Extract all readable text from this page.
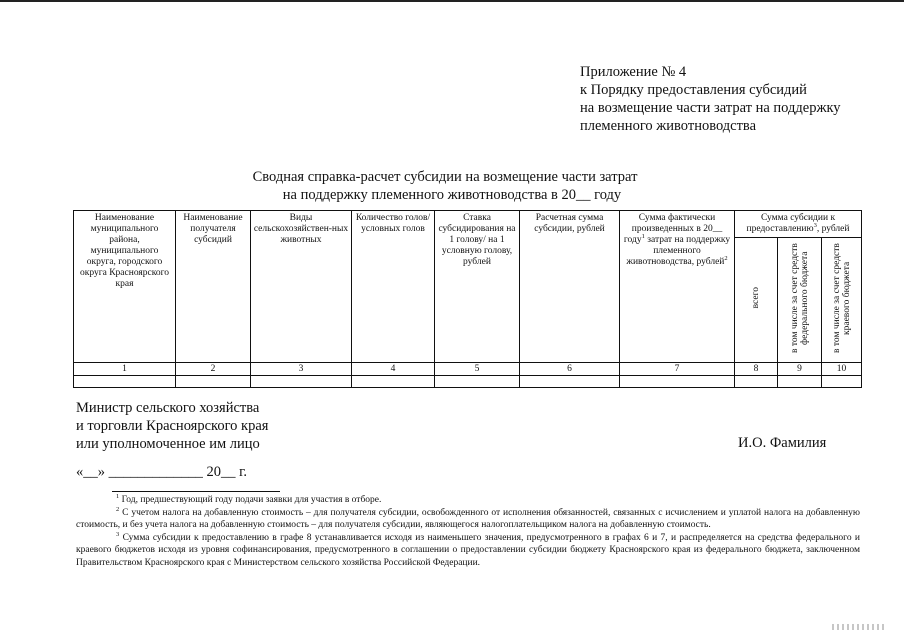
Приложение № 4
к Порядку предоставления субсидий
на возмещение части затрат на поддержку
племенного животноводства
Сводная справка-расчет субсидии на возмещение части затрат
на поддержку племенного животноводства в 20__ году
Наименование муниципального района, муниципального округа, городского округа Красноярского края	Наименование получателя субсидий	Виды сельскохозяйствен-ных животных	Количество голов/условных голов	Ставка субсидирования на 1 голову/ на 1 условную голову, рублей	Расчетная сумма субсидии, рублей	Сумма фактически произведенных в 20__ году$^1$ затрат на поддержку племенного животноводства, рублей$^2$	Сумма субсидии к предоставлению$^3$, рублей		
							всего	в том числе за счет средств федерального бюджета	в том числе за счет средств краевого бюджета
1	2	3	4	5	6	7	8	9	10

Министр сельского хозяйства
и торговли Красноярского края
или уполномоченное им лицо	И.О. Фамилия
«__» _____________ 20__ г.

$^1$ Год, предшествующий году подачи заявки для участия в отборе.

$^2$ С учетом налога на добавленную стоимость – для получателя субсидии, освобожденного от исполнения обязанностей, связанных с исчислением и уплатой налога на добавленную стоимость, и без учета налога на добавленную стоимость – для получателя субсидии, являющегося налогоплательщиком налога на добавленную стоимость.

$^3$ Сумма субсидии к предоставлению в графе 8 устанавливается исходя из наименьшего значения, предусмотренного в графах 6 и 7, и распределяется на средства федерального и краевого бюджетов исходя из уровня софинансирования, предусмотренного в соглашении о предоставлении субсидии бюджету Красноярского края из федерального бюджета, заключенном Правительством Красноярского края с Министерством сельского хозяйства Российской Федерации.
